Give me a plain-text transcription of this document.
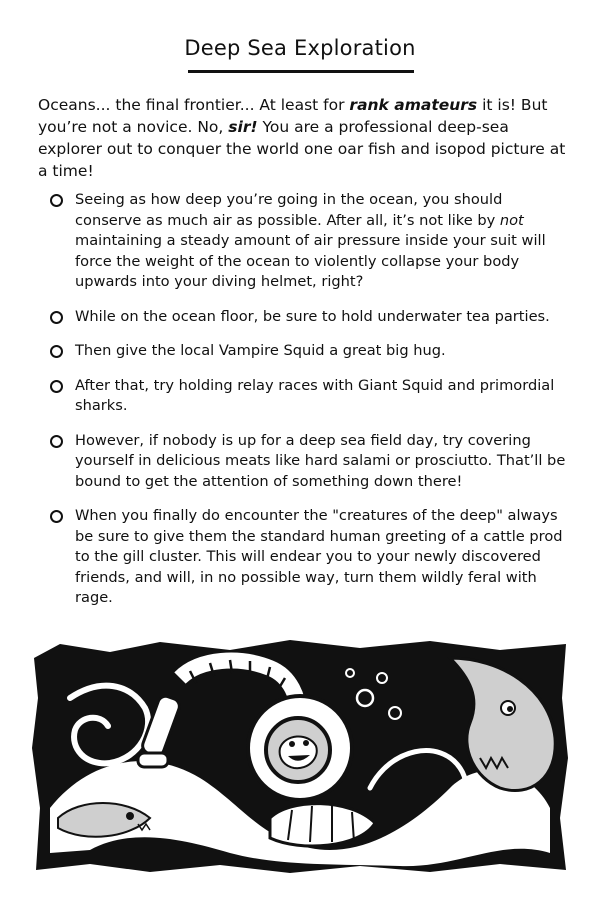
Deep Sea Exploration

Oceans... the final frontier... At least for rank amateurs it is! But you’re not a novice. No, sir! You are a professional deep-sea explorer out to conquer the world one oar fish and isopod picture at a time!

Seeing as how deep you’re going in the ocean, you should conserve as much air as possible. After all, it’s not like by not maintaining a steady amount of air pressure inside your suit will force the weight of the ocean to violently collapse your body upwards into your diving helmet, right?
While on the ocean floor, be sure to hold underwater tea parties.
Then give the local Vampire Squid a great big hug.
After that, try holding relay races with Giant Squid and primordial sharks.
However, if nobody is up for a deep sea field day, try covering yourself in delicious meats like hard salami or prosciutto. That’ll be bound to get the attention of something down there!
When you finally do encounter the "creatures of the deep" always be sure to give them the standard human greeting of a cattle prod to the gill cluster. This will endear you to your newly discovered friends, and will, in no possible way, turn them wildly feral with rage.
